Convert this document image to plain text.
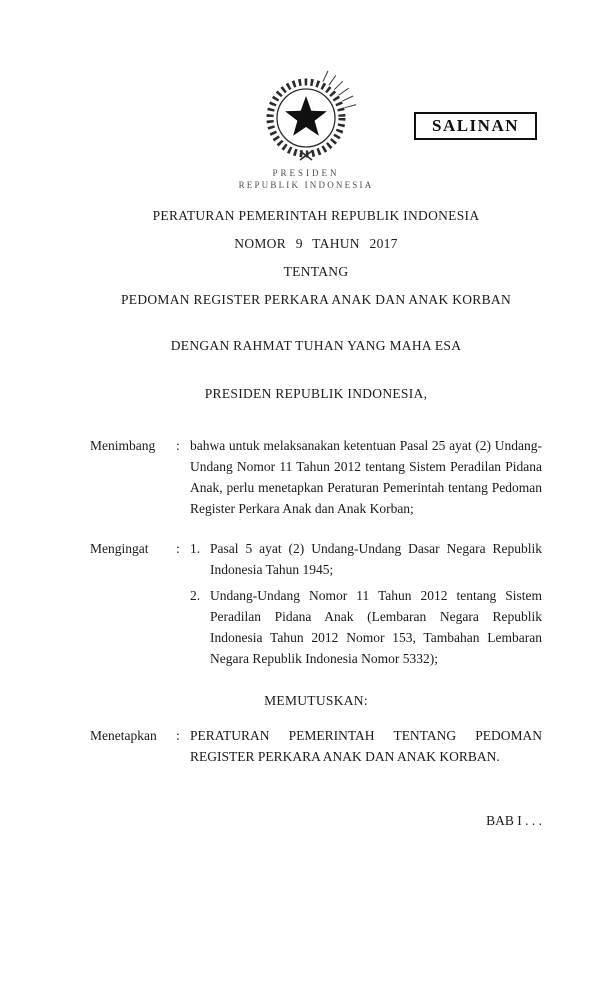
SALINAN
PRESIDEN
REPUBLIK INDONESIA

PERATURAN PEMERINTAH REPUBLIK INDONESIA

NOMOR 9 TAHUN 2017

TENTANG

PEDOMAN REGISTER PERKARA ANAK DAN ANAK KORBAN

DENGAN RAHMAT TUHAN YANG MAHA ESA

PRESIDEN REPUBLIK INDONESIA,

Menimbang	: bahwa untuk melaksanakan ketentuan Pasal 25 ayat (2) Undang-Undang Nomor 11 Tahun 2012 tentang Sistem Peradilan Pidana Anak, perlu menetapkan Peraturan Pemerintah tentang Pedoman Register Perkara Anak dan Anak Korban;
Mengingat	: 1. Pasal 5 ayat (2) Undang-Undang Dasar Negara Republik Indonesia Tahun 1945;
2. Undang-Undang Nomor 11 Tahun 2012 tentang Sistem Peradilan Pidana Anak (Lembaran Negara Republik Indonesia Tahun 2012 Nomor 153, Tambahan Lembaran Negara Republik Indonesia Nomor 5332);

MEMUTUSKAN:

Menetapkan	: PERATURAN PEMERINTAH TENTANG PEDOMAN REGISTER PERKARA ANAK DAN ANAK KORBAN.

BAB I . . .
